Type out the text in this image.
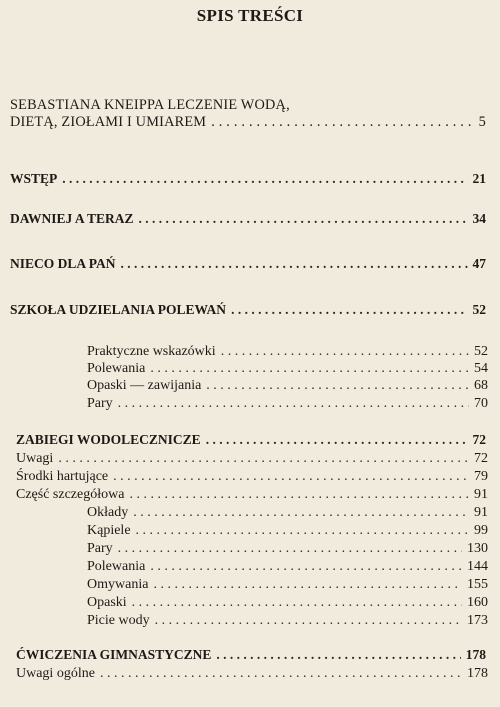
SPIS TREŚCI
SEBASTIANA KNEIPPA LECZENIE WODĄ,
DIETĄ, ZIOŁAMI I UMIAREM . .	5
WSTĘP . .	21
DAWNIEJ A TERAZ . .	34
NIECO DLA PAŃ . .	47
SZKOŁA UDZIELANIA POLEWAŃ . .	52
Praktyczne wskazówki . . .	52
Polewania . . .	54
Opaski — zawijania . . .	68
Pary . . .	70
ZABIEGI WODOLECZNICZE . .	72
Uwagi . . .	72
Środki hartujące . . .	79
Część szczegółowa . . .	91
Okłady . . .	91
Kąpiele . . .	99
Pary . . .	130
Polewania . . .	144
Omywania . . .	155
Opaski . . .	160
Picie wody . . .	173
ĆWICZENIA GIMNASTYCZNE . .	178
Uwagi ogólne . . .	178
